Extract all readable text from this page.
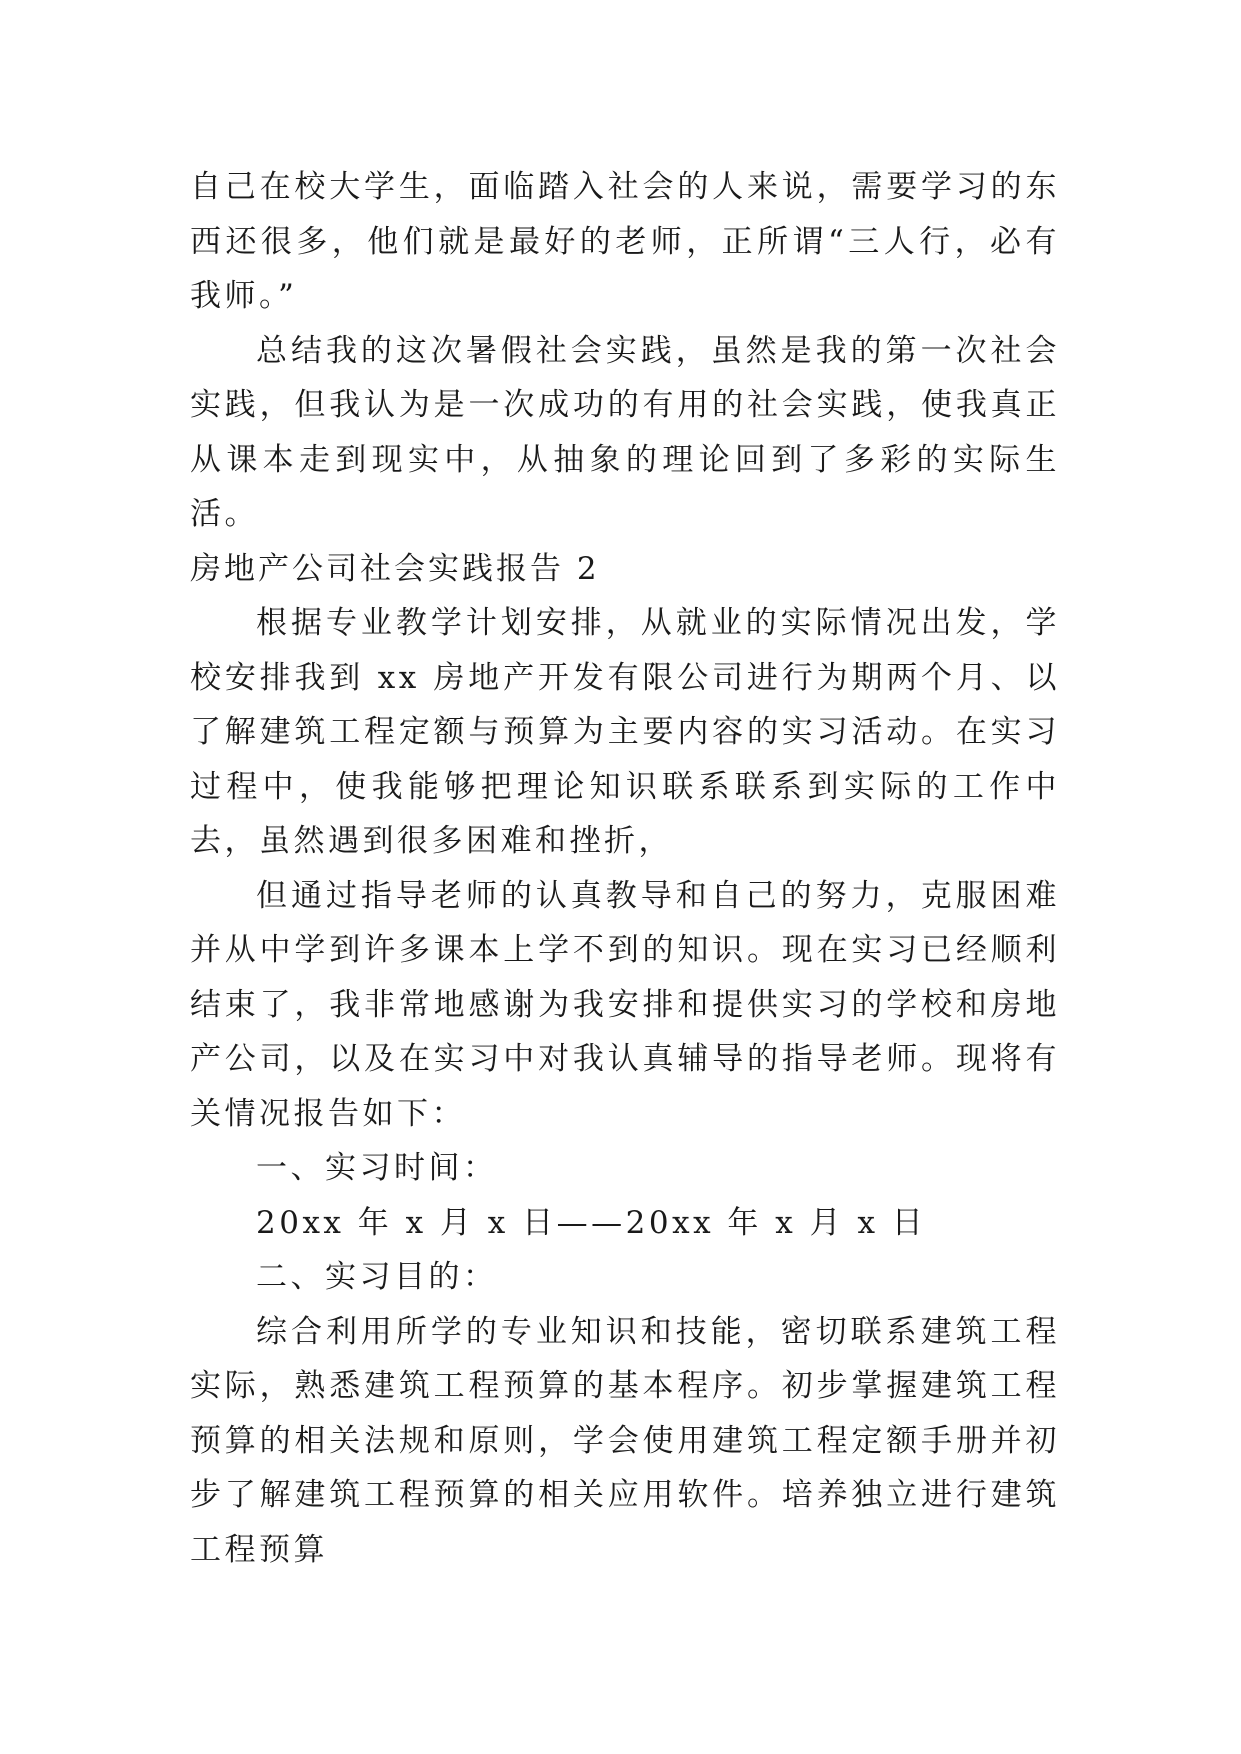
自己在校大学生，面临踏入社会的人来说，需要学习的东西还很多，他们就是最好的老师，正所谓“三人行，必有我师。”

总结我的这次暑假社会实践，虽然是我的第一次社会实践，但我认为是一次成功的有用的社会实践，使我真正从课本走到现实中，从抽象的理论回到了多彩的实际生活。

房地产公司社会实践报告 2

根据专业教学计划安排，从就业的实际情况出发，学校安排我到 xx 房地产开发有限公司进行为期两个月、以了解建筑工程定额与预算为主要内容的实习活动。在实习过程中，使我能够把理论知识联系联系到实际的工作中去，虽然遇到很多困难和挫折，

但通过指导老师的认真教导和自己的努力，克服困难并从中学到许多课本上学不到的知识。现在实习已经顺利结束了，我非常地感谢为我安排和提供实习的学校和房地产公司，以及在实习中对我认真辅导的指导老师。现将有关情况报告如下：

一、实习时间：

20xx 年 x 月 x 日——20xx 年 x 月 x 日

二、实习目的：

综合利用所学的专业知识和技能，密切联系建筑工程实际，熟悉建筑工程预算的基本程序。初步掌握建筑工程预算的相关法规和原则，学会使用建筑工程定额手册并初步了解建筑工程预算的相关应用软件。培养独立进行建筑工程预算
